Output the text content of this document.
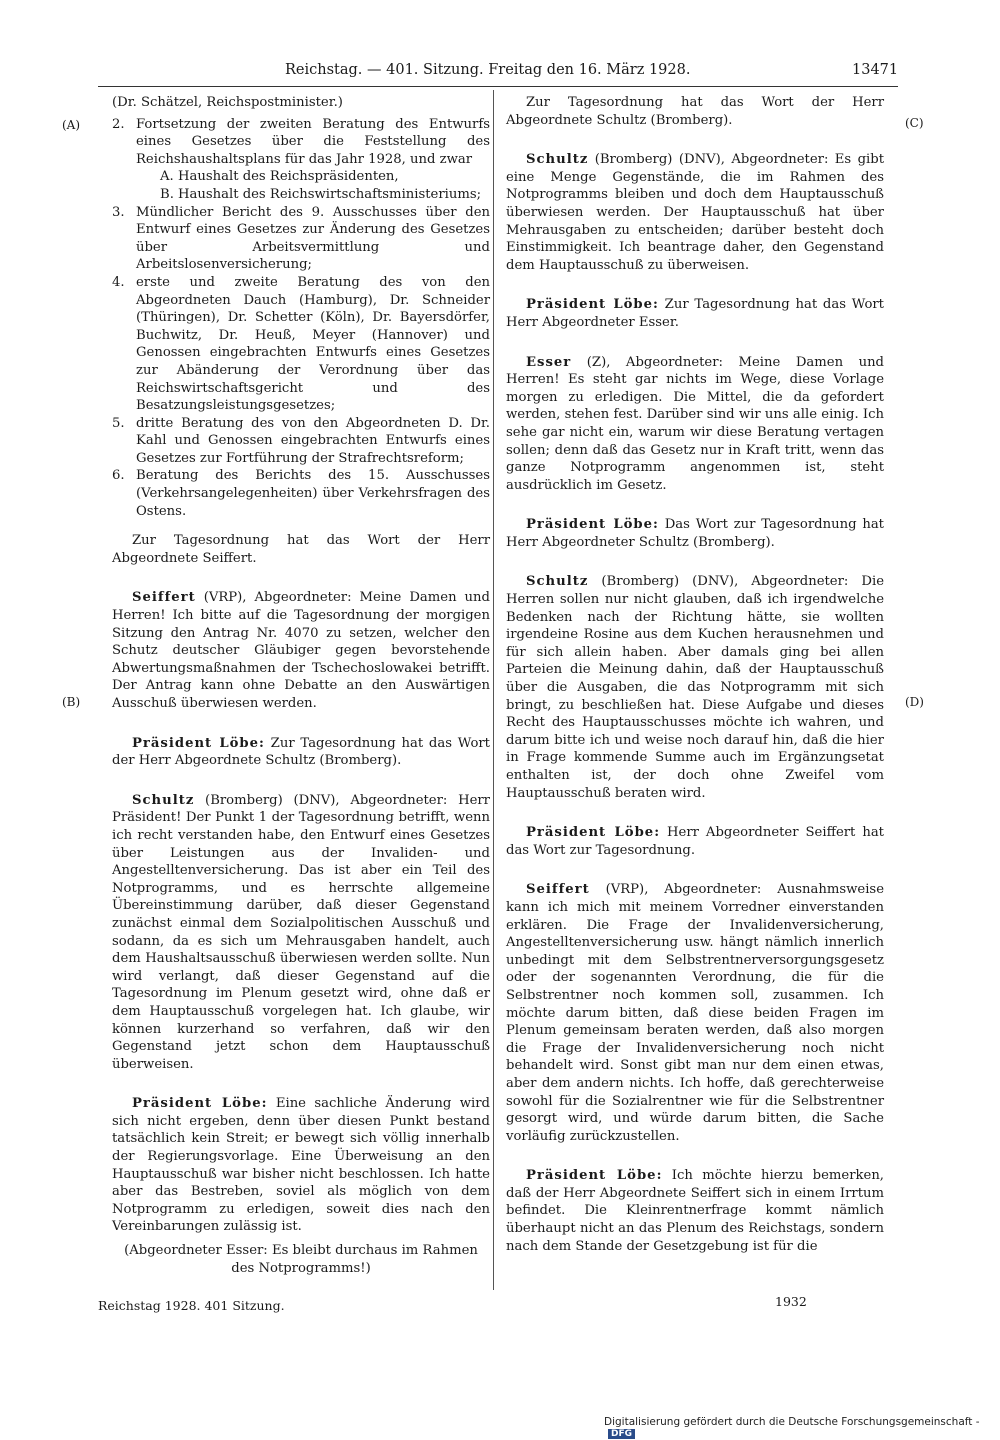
Reichstag. — 401. Sitzung. Freitag den 16. März 1928.	13471
(A)
(B)
(C)
(D)

(Dr. Schätzel, Reichspostminister.)

2. Fortsetzung der zweiten Beratung des Entwurfs eines Gesetzes über die Feststellung des Reichshaushaltsplans für das Jahr 1928, und zwar
A. Haushalt des Reichspräsidenten,
B. Haushalt des Reichswirtschaftsministeriums;
3. Mündlicher Bericht des 9. Ausschusses über den Entwurf eines Gesetzes zur Änderung des Gesetzes über Arbeitsvermittlung und Arbeitslosenversicherung;
4. erste und zweite Beratung des von den Abgeordneten Dauch (Hamburg), Dr. Schneider (Thüringen), Dr. Schetter (Köln), Dr. Bayersdörfer, Buchwitz, Dr. Heuß, Meyer (Hannover) und Genossen eingebrachten Entwurfs eines Gesetzes zur Abänderung der Verordnung über das Reichswirtschaftsgericht und des Besatzungsleistungsgesetzes;
5. dritte Beratung des von den Abgeordneten D. Dr. Kahl und Genossen eingebrachten Entwurfs eines Gesetzes zur Fortführung der Strafrechtsreform;
6. Beratung des Berichts des 15. Ausschusses (Verkehrsangelegenheiten) über Verkehrsfragen des Ostens.

Zur Tagesordnung hat das Wort der Herr Abgeordnete Seiffert.

Seiffert (VRP), Abgeordneter: Meine Damen und Herren! Ich bitte auf die Tagesordnung der morgigen Sitzung den Antrag Nr. 4070 zu setzen, welcher den Schutz deutscher Gläubiger gegen bevorstehende Abwertungsmaßnahmen der Tschechoslowakei betrifft. Der Antrag kann ohne Debatte an den Auswärtigen Ausschuß überwiesen werden.

Präsident Löbe: Zur Tagesordnung hat das Wort der Herr Abgeordnete Schultz (Bromberg).

Schultz (Bromberg) (DNV), Abgeordneter: Herr Präsident! Der Punkt 1 der Tagesordnung betrifft, wenn ich recht verstanden habe, den Entwurf eines Gesetzes über Leistungen aus der Invaliden- und Angestelltenversicherung. Das ist aber ein Teil des Notprogramms, und es herrschte allgemeine Übereinstimmung darüber, daß dieser Gegenstand zunächst einmal dem Sozialpolitischen Ausschuß und sodann, da es sich um Mehrausgaben handelt, auch dem Haushaltsausschuß überwiesen werden sollte. Nun wird verlangt, daß dieser Gegenstand auf die Tagesordnung im Plenum gesetzt wird, ohne daß er dem Hauptausschuß vorgelegen hat. Ich glaube, wir können kurzerhand so verfahren, daß wir den Gegenstand jetzt schon dem Hauptausschuß überweisen.

Präsident Löbe: Eine sachliche Änderung wird sich nicht ergeben, denn über diesen Punkt bestand tatsächlich kein Streit; er bewegt sich völlig innerhalb der Regierungsvorlage. Eine Überweisung an den Hauptausschuß war bisher nicht beschlossen. Ich hatte aber das Bestreben, soviel als möglich von dem Notprogramm zu erledigen, soweit dies nach den Vereinbarungen zulässig ist.

(Abgeordneter Esser: Es bleibt durchaus im Rahmen des Notprogramms!)

Zur Tagesordnung hat das Wort der Herr Abgeordnete Schultz (Bromberg).

Schultz (Bromberg) (DNV), Abgeordneter: Es gibt eine Menge Gegenstände, die im Rahmen des Notprogramms bleiben und doch dem Hauptausschuß überwiesen werden. Der Hauptausschuß hat über Mehrausgaben zu entscheiden; darüber besteht doch Einstimmigkeit. Ich beantrage daher, den Gegenstand dem Hauptausschuß zu überweisen.

Präsident Löbe: Zur Tagesordnung hat das Wort Herr Abgeordneter Esser.

Esser (Z), Abgeordneter: Meine Damen und Herren! Es steht gar nichts im Wege, diese Vorlage morgen zu erledigen. Die Mittel, die da gefordert werden, stehen fest. Darüber sind wir uns alle einig. Ich sehe gar nicht ein, warum wir diese Beratung vertagen sollen; denn daß das Gesetz nur in Kraft tritt, wenn das ganze Notprogramm angenommen ist, steht ausdrücklich im Gesetz.

Präsident Löbe: Das Wort zur Tagesordnung hat Herr Abgeordneter Schultz (Bromberg).

Schultz (Bromberg) (DNV), Abgeordneter: Die Herren sollen nur nicht glauben, daß ich irgendwelche Bedenken nach der Richtung hätte, sie wollten irgendeine Rosine aus dem Kuchen herausnehmen und für sich allein haben. Aber damals ging bei allen Parteien die Meinung dahin, daß der Hauptausschuß über die Ausgaben, die das Notprogramm mit sich bringt, zu beschließen hat. Diese Aufgabe und dieses Recht des Hauptausschusses möchte ich wahren, und darum bitte ich und weise noch darauf hin, daß die hier in Frage kommende Summe auch im Ergänzungsetat enthalten ist, der doch ohne Zweifel vom Hauptausschuß beraten wird.

Präsident Löbe: Herr Abgeordneter Seiffert hat das Wort zur Tagesordnung.

Seiffert (VRP), Abgeordneter: Ausnahmsweise kann ich mich mit meinem Vorredner einverstanden erklären. Die Frage der Invalidenversicherung, Angestelltenversicherung usw. hängt nämlich innerlich unbedingt mit dem Selbstrentnerversorgungsgesetz oder der sogenannten Verordnung, die für die Selbstrentner noch kommen soll, zusammen. Ich möchte darum bitten, daß diese beiden Fragen im Plenum gemeinsam beraten werden, daß also morgen die Frage der Invalidenversicherung noch nicht behandelt wird. Sonst gibt man nur dem einen etwas, aber dem andern nichts. Ich hoffe, daß gerechterweise sowohl für die Sozialrentner wie für die Selbstrentner gesorgt wird, und würde darum bitten, die Sache vorläufig zurückzustellen.

Präsident Löbe: Ich möchte hierzu bemerken, daß der Herr Abgeordnete Seiffert sich in einem Irrtum befindet. Die Kleinrentnerfrage kommt nämlich überhaupt nicht an das Plenum des Reichstags, sondern nach dem Stande der Gesetzgebung ist für die

Reichstag 1928. 401 Sitzung.	1932
Digitalisierung gefördert durch die Deutsche Forschungsgemeinschaft -DFG
